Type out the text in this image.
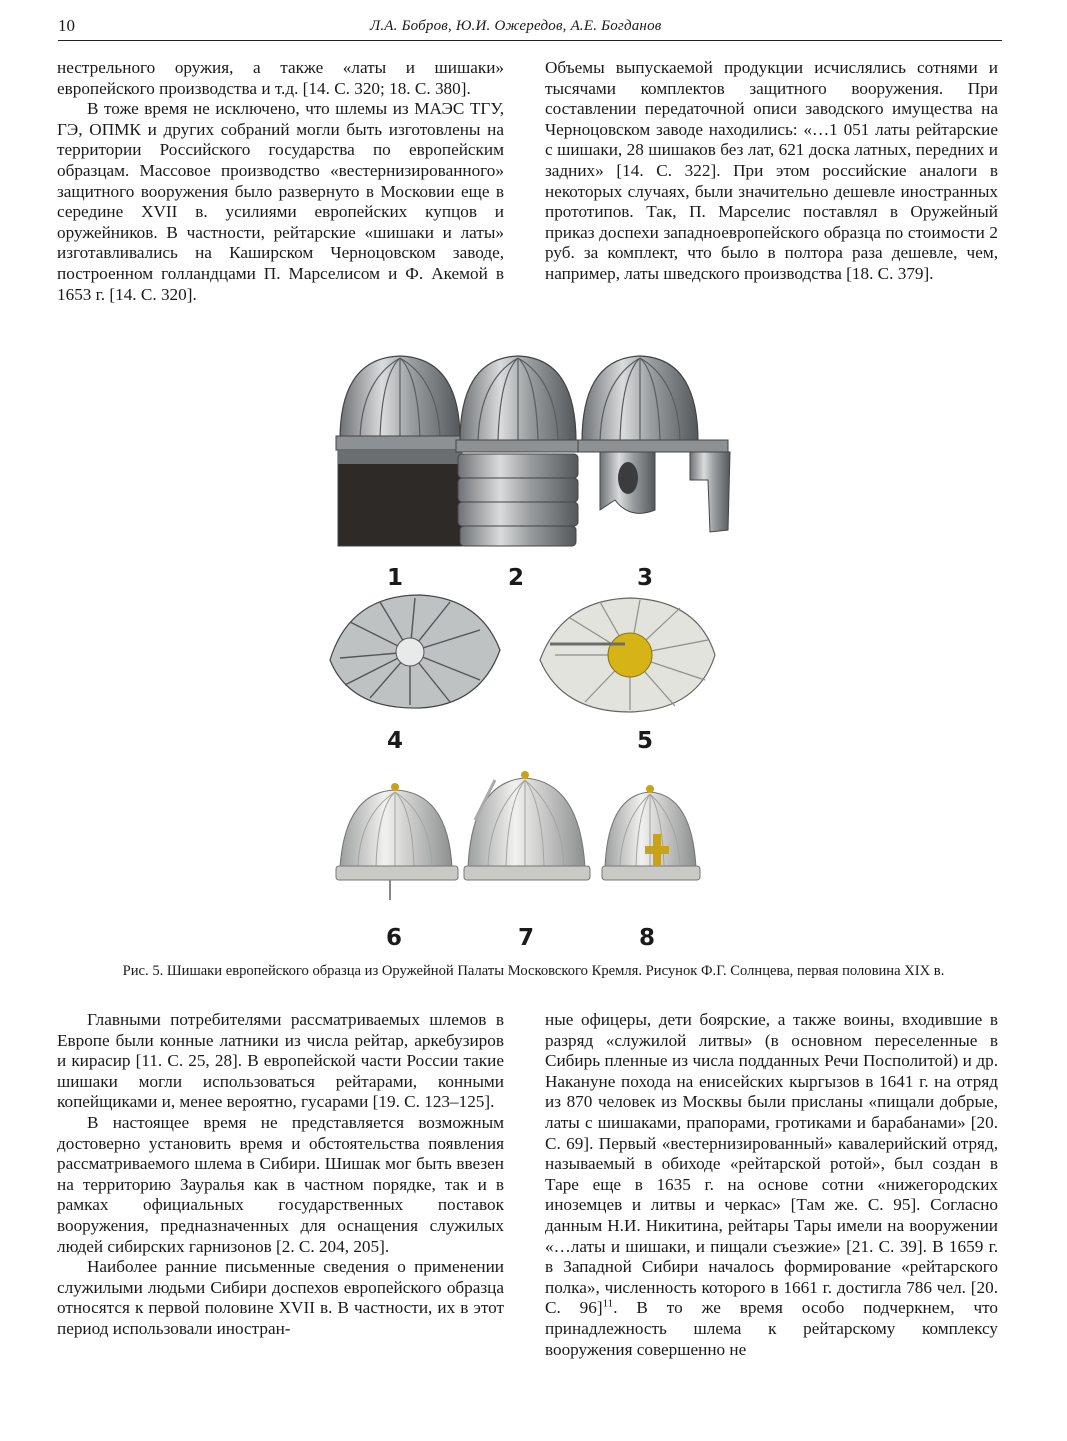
10	Л.А. Бобров, Ю.И. Ожередов, А.Е. Богданов

нестрельного оружия, а также «латы и шишаки» европейского производства и т.д. [14. С. 320; 18. С. 380].

В тоже время не исключено, что шлемы из МАЭС ТГУ, ГЭ, ОПМК и других собраний могли быть изготовлены на территории Российского государства по европейским образцам. Массовое производство «вестернизированного» защитного вооружения было развернуто в Московии еще в середине XVII в. усилиями европейских купцов и оружейников. В частности, рейтарские «шишаки и латы» изготавливались на Каширском Черноцовском заводе, построенном голландцами П. Марселисом и Ф. Акемой в 1653 г. [14. С. 320].

Объемы выпускаемой продукции исчислялись сотнями и тысячами комплектов защитного вооружения. При составлении передаточной описи заводского имущества на Черноцовском заводе находились: «…1 051 латы рейтарские с шишаки, 28 шишаков без лат, 621 доска латных, передних и задних» [14. С. 322]. При этом российские аналоги в некоторых случаях, были значительно дешевле иностранных прототипов. Так, П. Марселис поставлял в Оружейный приказ доспехи западноевропейского образца по стоимости 2 руб. за комплект, что было в полтора раза дешевле, чем, например, латы шведского производства [18. С. 379].

1	2	3
4	5
6	7	8
Рис. 5. Шишаки европейского образца из Оружейной Палаты Московского Кремля. Рисунок Ф.Г. Солнцева, первая половина XIX в.

Главными потребителями рассматриваемых шлемов в Европе были конные латники из числа рейтар, аркебузиров и кирасир [11. С. 25, 28]. В европейской части России такие шишаки могли использоваться рейтарами, конными копейщиками и, менее вероятно, гусарами [19. С. 123–125].

В настоящее время не представляется возможным достоверно установить время и обстоятельства появления рассматриваемого шлема в Сибири. Шишак мог быть ввезен на территорию Зауралья как в частном порядке, так и в рамках официальных государственных поставок вооружения, предназначенных для оснащения служилых людей сибирских гарнизонов [2. С. 204, 205].

Наиболее ранние письменные сведения о применении служилыми людьми Сибири доспехов европейского образца относятся к первой половине XVII в. В частности, их в этот период использовали иностран-

ные офицеры, дети боярские, а также воины, входившие в разряд «служилой литвы» (в основном переселенные в Сибирь пленные из числа подданных Речи Посполитой) и др. Накануне похода на енисейских кыргызов в 1641 г. на отряд из 870 человек из Москвы были присланы «пищали добрые, латы с шишаками, прапорами, гротиками и барабанами» [20. С. 69]. Первый «вестернизированный» кавалерийский отряд, называемый в обиходе «рейтарской ротой», был создан в Таре еще в 1635 г. на основе сотни «нижегородских иноземцев и литвы и черкас» [Там же. С. 95]. Согласно данным Н.И. Никитина, рейтары Тары имели на вооружении «…латы и шишаки, и пищали съезжие» [21. С. 39]. В 1659 г. в Западной Сибири началось формирование «рейтарского полка», численность которого в 1661 г. достигла 786 чел. [20. С. 96]$^{11}$. В то же время особо подчеркнем, что принадлежность шлема к рейтарскому комплексу вооружения совершенно не
